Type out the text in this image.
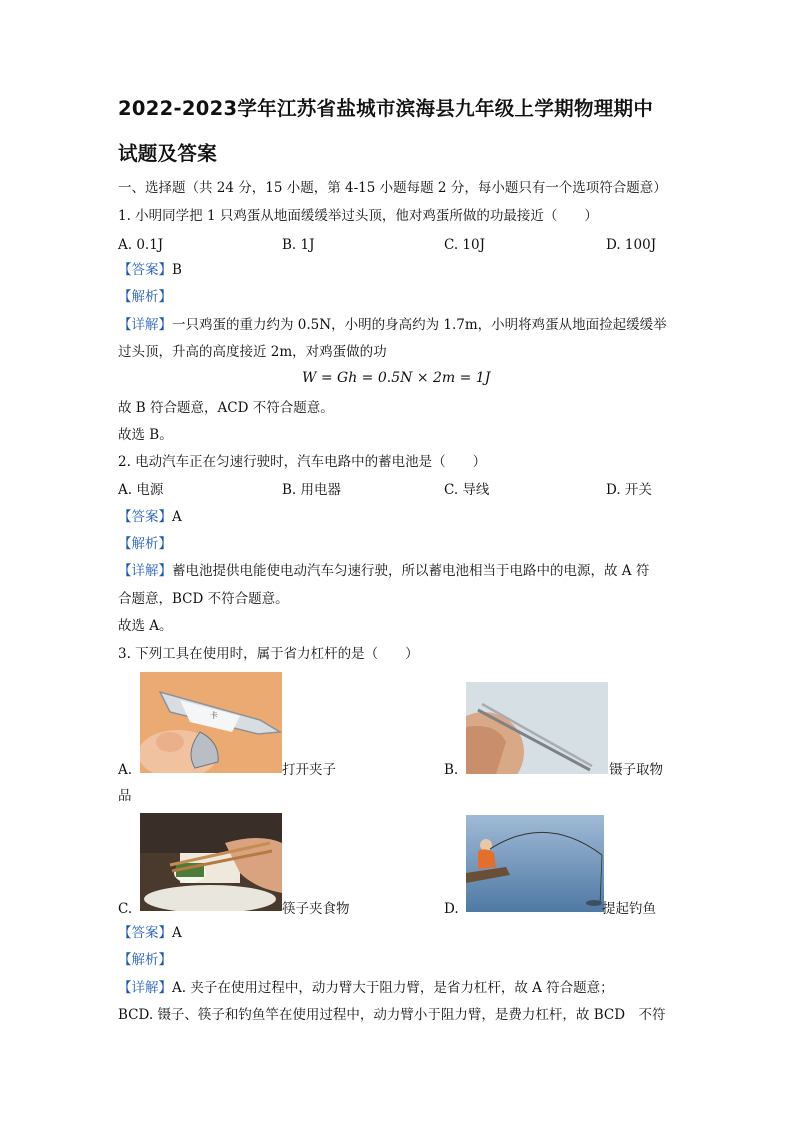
2022-2023学年江苏省盐城市滨海县九年级上学期物理期中
试题及答案
一、选择题（共 24 分，15 小题，第 4-15 小题每题 2 分，每小题只有一个选项符合题意）
1. 小明同学把 1 只鸡蛋从地面缓缓举过头顶，他对鸡蛋所做的功最接近（　　）
A. 0.1J	B. 1J	C. 10J	D. 100J
【答案】B
【解析】
【详解】一只鸡蛋的重力约为 0.5N，小明的身高约为 1.7m，小明将鸡蛋从地面捡起缓缓举
过头顶，升高的高度接近 2m，对鸡蛋做的功
W = Gh = 0.5N × 2m = 1J
故 B 符合题意，ACD 不符合题意。
故选 B。
2. 电动汽车正在匀速行驶时，汽车电路中的蓄电池是（　　）
A. 电源	B. 用电器	C. 导线	D. 开关
【答案】A
【解析】
【详解】蓄电池提供电能使电动汽车匀速行驶，所以蓄电池相当于电路中的电源，故 A 符
合题意，BCD 不符合题意。
故选 A。
3. 下列工具在使用时，属于省力杠杆的是（　　）
A.
卡
打开夹子	B.	镊子取物
品
C.	筷子夹食物	D.	提起钓鱼
【答案】A
【解析】
【详解】A. 夹子在使用过程中，动力臂大于阻力臂，是省力杠杆，故 A 符合题意；
BCD. 镊子、筷子和钓鱼竿在使用过程中，动力臂小于阻力臂，是费力杠杆，故 BCD　不符
